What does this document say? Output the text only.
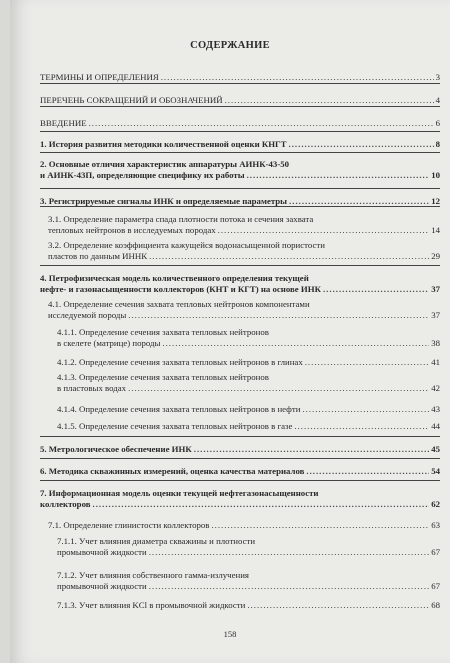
СОДЕРЖАНИЕ
ТЕРМИНЫ И ОПРЕДЕЛЕНИЯ .....	3
ПЕРЕЧЕНЬ СОКРАЩЕНИЙ И ОБОЗНАЧЕНИЙ .....	4
ВВЕДЕНИЕ .....	6
1. История развития методики количественной оценки КНГТ .....	8
2. Основные отличия характеристик аппаратуры АИНК-43-50
и АИНК-43П, определяющие специфику их работы .....	10
3. Регистрируемые сигналы ИНК и определяемые параметры .....	12
3.1. Определение параметра спада плотности потока и сечения захвата
тепловых нейтронов в исследуемых породах .....	14
3.2. Определение коэффициента кажущейся водонасыщенной пористости
пластов по данным ИННК .....	29
4. Петрофизическая модель количественного определения текущей
нефте- и газонасыщенности коллекторов (КНТ и КГТ) на основе ИНК .....	37
4.1. Определение сечения захвата тепловых нейтронов компонентами
исследуемой породы .....	37
4.1.1. Определение сечения захвата тепловых нейтронов
в скелете (матрице) породы .....	38
4.1.2. Определение сечения захвата тепловых нейтронов в глинах .....	41
4.1.3. Определение сечения захвата тепловых нейтронов
в пластовых водах .....	42
4.1.4. Определение сечения захвата тепловых нейтронов в нефти .....	43
4.1.5. Определение сечения захвата тепловых нейтронов в газе .....	44
5. Метрологическое обеспечение ИНК .....	45
6. Методика скважинных измерений, оценка качества материалов .....	54
7. Информационная модель оценки текущей нефтегазонасыщенности
коллекторов .....	62
7.1. Определение глинистости коллекторов .....	63
7.1.1. Учет влияния диаметра скважины и плотности
промывочной жидкости .....	67
7.1.2. Учет влияния собственного гамма-излучения
промывочной жидкости .....	67
7.1.3. Учет влияния KCl в промывочной жидкости .....	68
158
